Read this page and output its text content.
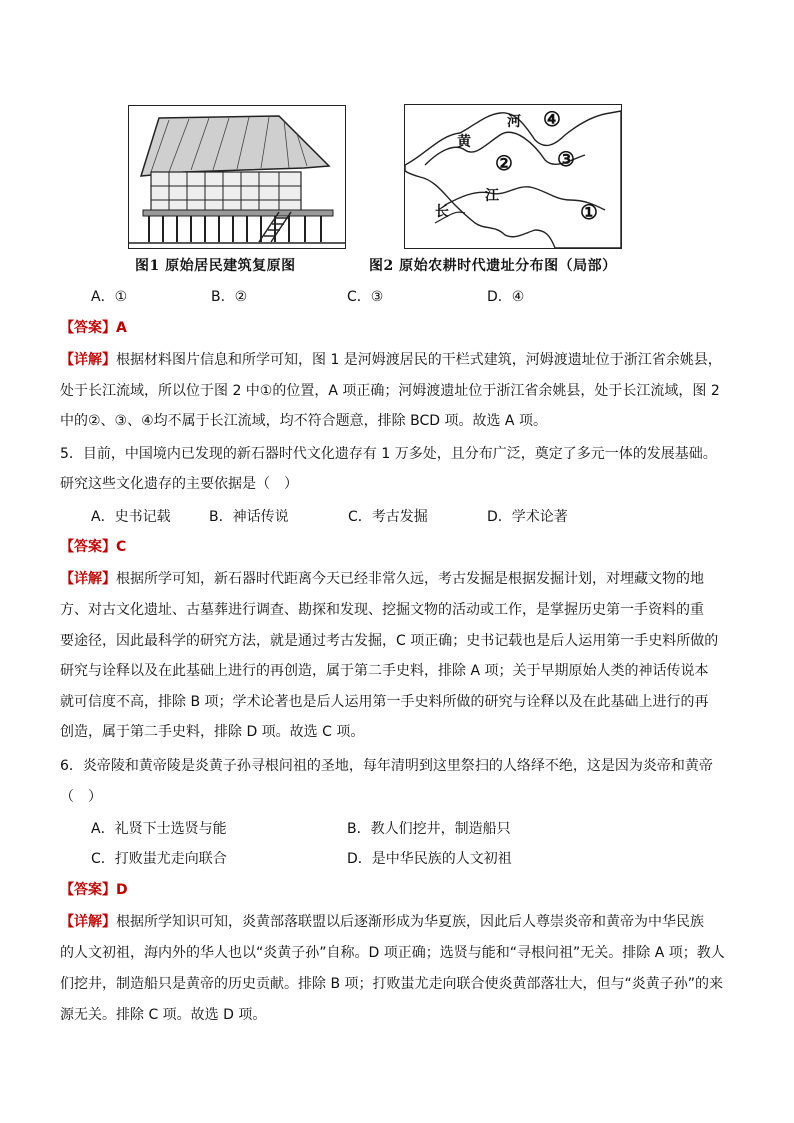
黄
河
长
江
①
② ③
④
图1 原始居民建筑复原图	图2 原始农耕时代遗址分布图（局部）
A．①	B．②	C．③	D．④
【答案】A
【详解】根据材料图片信息和所学可知，图 1 是河姆渡居民的干栏式建筑，河姆渡遗址位于浙江省余姚县，
处于长江流域，所以位于图 2 中①的位置，A 项正确；河姆渡遗址位于浙江省余姚县，处于长江流域，图 2
中的②、③、④均不属于长江流域，均不符合题意，排除 BCD 项。故选 A 项。
5．目前，中国境内已发现的新石器时代文化遗存有 1 万多处，且分布广泛，奠定了多元一体的发展基础。
研究这些文化遗存的主要依据是（　）
A．史书记载	B．神话传说	C．考古发掘	D．学术论著
【答案】C
【详解】根据所学可知，新石器时代距离今天已经非常久远，考古发掘是根据发掘计划，对埋藏文物的地
方、对古文化遗址、古墓葬进行调查、勘探和发现、挖掘文物的活动或工作，是掌握历史第一手资料的重
要途径，因此最科学的研究方法，就是通过考古发掘，C 项正确；史书记载也是后人运用第一手史料所做的
研究与诠释以及在此基础上进行的再创造，属于第二手史料，排除 A 项；关于早期原始人类的神话传说本
就可信度不高，排除 B 项；学术论著也是后人运用第一手史料所做的研究与诠释以及在此基础上进行的再
创造，属于第二手史料，排除 D 项。故选 C 项。
6．炎帝陵和黄帝陵是炎黄子孙寻根问祖的圣地，每年清明到这里祭扫的人络绎不绝，这是因为炎帝和黄帝
（　）
A．礼贤下士选贤与能	B．教人们挖井，制造船只
C．打败蚩尤走向联合	D．是中华民族的人文初祖
【答案】D
【详解】根据所学知识可知，炎黄部落联盟以后逐渐形成为华夏族，因此后人尊崇炎帝和黄帝为中华民族
的人文初祖，海内外的华人也以“炎黄子孙”自称。D 项正确；选贤与能和“寻根问祖”无关。排除 A 项；教人
们挖井，制造船只是黄帝的历史贡献。排除 B 项；打败蚩尤走向联合使炎黄部落壮大，但与“炎黄子孙”的来
源无关。排除 C 项。故选 D 项。
